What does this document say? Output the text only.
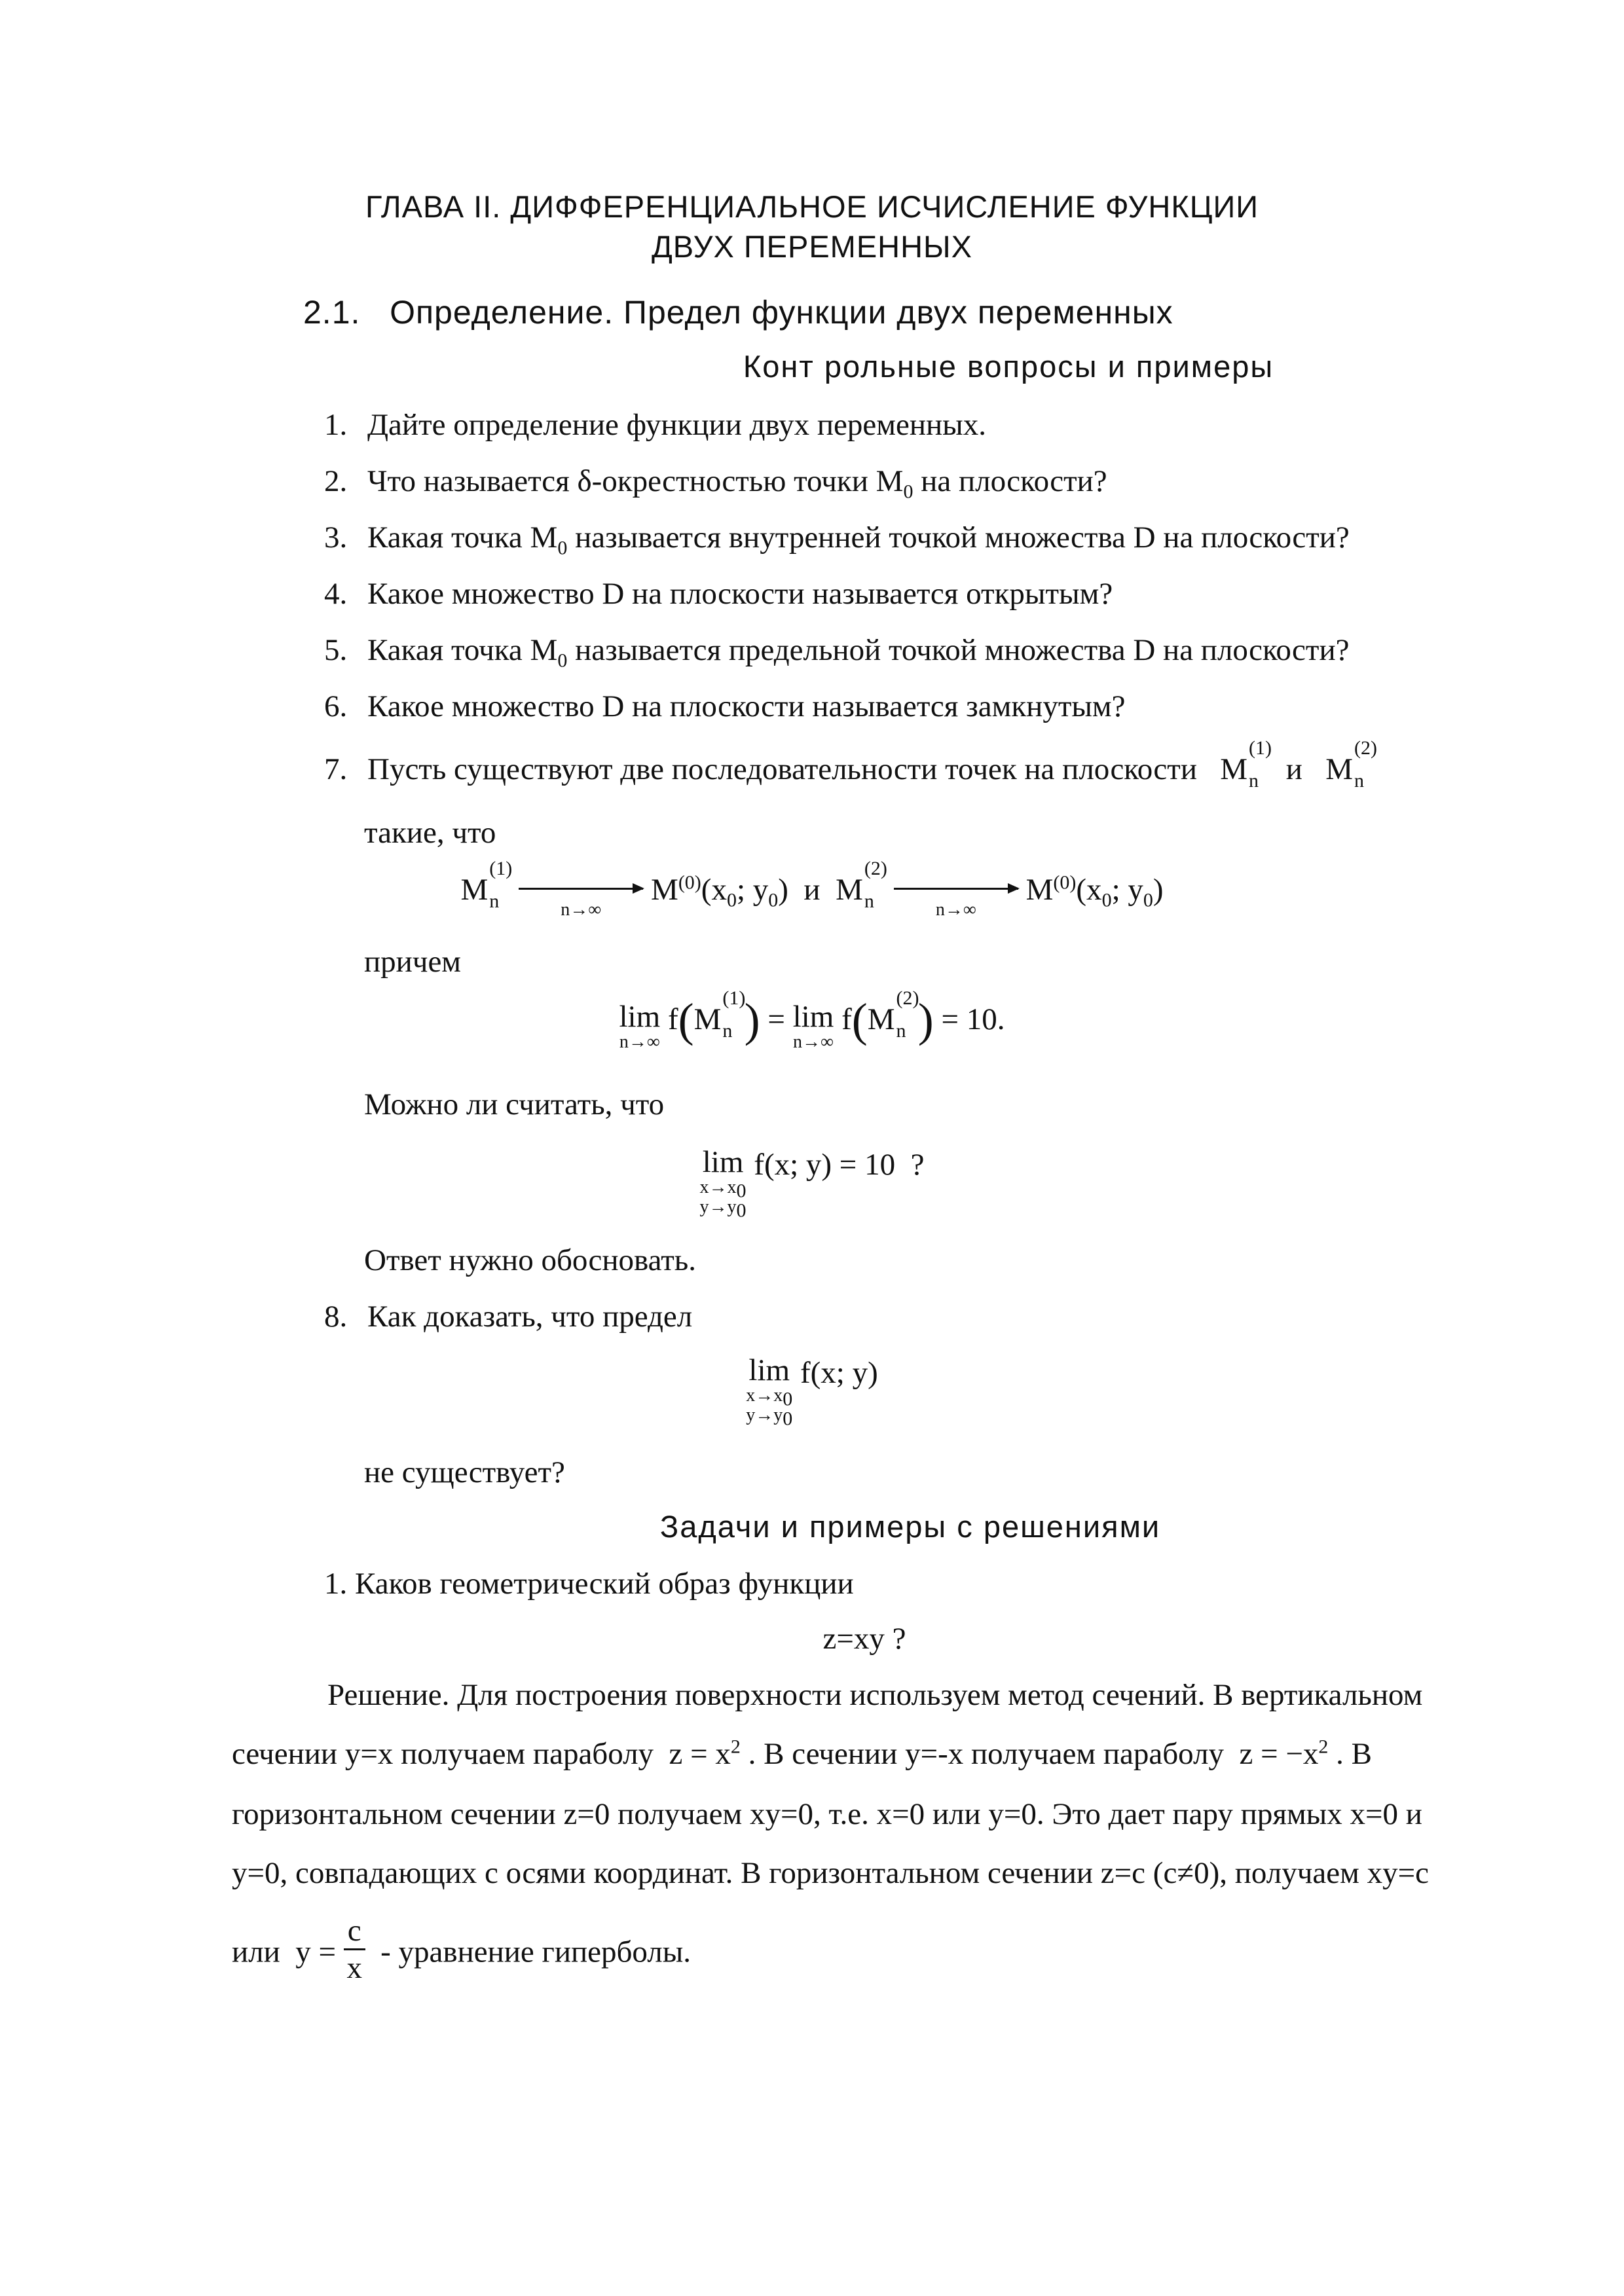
ГЛАВА II. ДИФФЕРЕНЦИАЛЬНОЕ ИСЧИСЛЕНИЕ ФУНКЦИИ

ДВУХ ПЕРЕМЕННЫХ

2.1. Определение. Предел функции двух переменных

Конт рольные вопросы и примеры

1. Дайте определение функции двух переменных.

2. Что называется δ-окрестностью точки $M_0$ на плоскости?

3. Какая точка $M_0$ называется внутренней точкой множества D на плоскости?

4. Какое множество D на плоскости называется открытым?

5. Какая точка $M_0$ называется предельной точкой множества D на плоскости?

6. Какое множество D на плоскости называется замкнутым?

7. Пусть существуют две последовательности точек на плоскости M
(1)
n и M
(2)
n

такие, что

M
(1)
n
	n→∞
$M^{(0)}(x_0$; $y_0$)  и M
(2)
n
	n→∞
$M^{(0)}(x_0$; $y_0$)

причем

lim
n→∞
f(M
(1)
n ) = lim
n→∞
f(M
(2)
n ) = 10.

Можно ли считать, что

lim
x→x0
y→y0
f(x; y) = 10  ?

Ответ нужно обосновать.

8. Как доказать, что предел

lim
x→x0
y→y0
f(x; y)

не существует?

Задачи и примеры с решениями

1. Каков геометрический образ функции

z=xy ?

Решение. Для построения поверхности используем метод сечений. В вертикальном

сечении y=x получаем параболу  $z = x^2$ . В сечении y=-x получаем параболу  $z = -x^2$ . В

горизонтальном сечении z=0 получаем xy=0, т.е. x=0 или y=0. Это дает пару прямых x=0 и

y=0, совпадающих с осями координат. В горизонтальном сечении z=c (c≠0), получаем xy=c

или  $y = \frac{c}{x}$ - уравнение гиперболы.
